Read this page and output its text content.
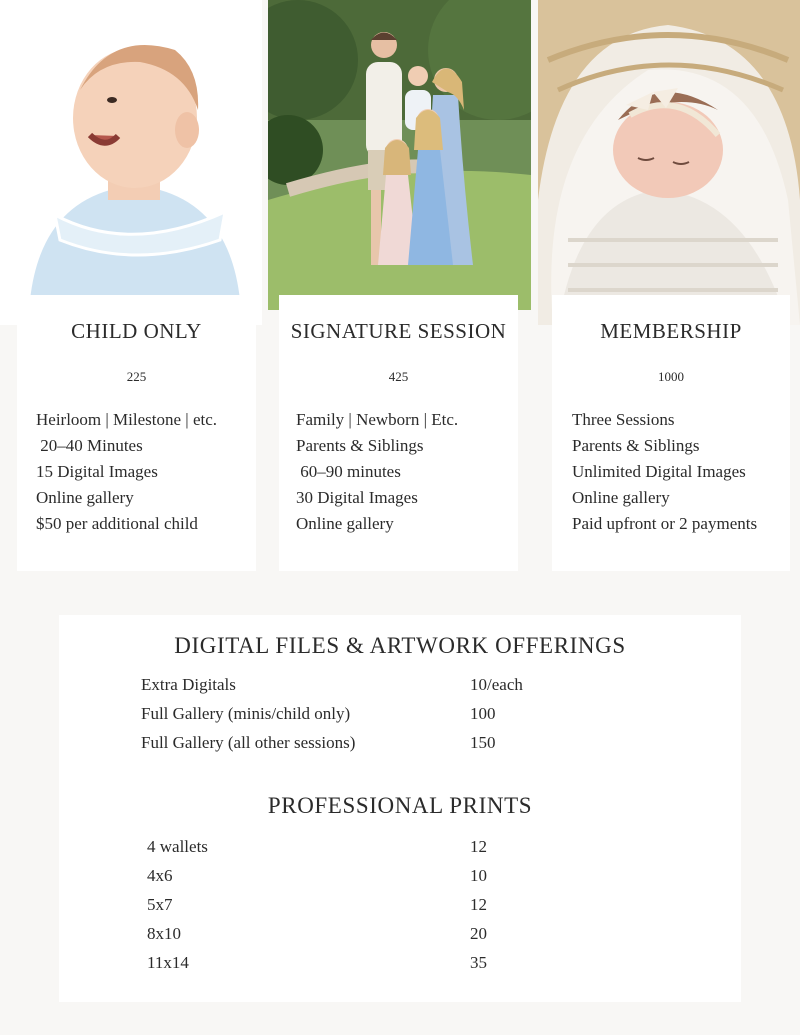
CHILD ONLY
225
Heirloom | Milestone | etc.
20–40 Minutes
15 Digital Images
Online gallery
$50 per additional child
SIGNATURE SESSION
425
Family | Newborn | Etc.
Parents & Siblings
60–90 minutes
30 Digital Images
Online gallery
MEMBERSHIP
1000
Three Sessions
Parents & Siblings
Unlimited Digital Images
Online gallery
Paid upfront or 2 payments
DIGITAL FILES & ARTWORK OFFERINGS
Extra Digitals	10/each
Full Gallery (minis/child only)	100
Full Gallery (all other sessions)	150
PROFESSIONAL PRINTS
4 wallets	12
4x6	10
5x7	12
8x10	20
11x14	35
